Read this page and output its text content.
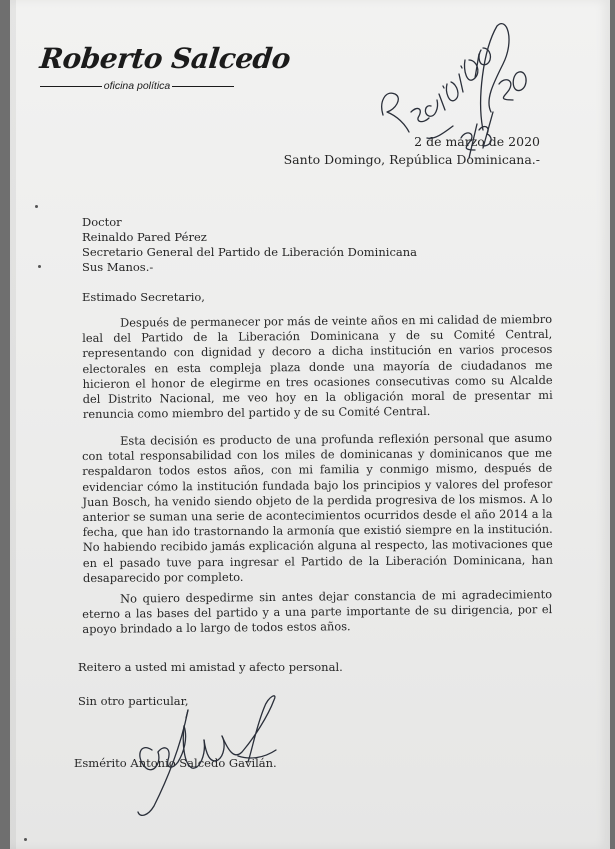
Roberto Salcedo
oficina política
2 de marzo de 2020
Santo Domingo, República Dominicana.-
Doctor
Reinaldo Pared Pérez
Secretario General del Partido de Liberación Dominicana
Sus Manos.-
Estimado Secretario,
Después de permanecer por más de veinte años en mi calidad de miembro leal del Partido de la Liberación Dominicana y de su Comité Central, representando con dignidad y decoro a dicha institución en varios procesos electorales en esta compleja plaza donde una mayoría de ciudadanos me hicieron el honor de elegirme en tres ocasiones consecutivas como su Alcalde del Distrito Nacional, me veo hoy en la obligación moral de presentar mi renuncia como miembro del partido y de su Comité Central.
Esta decisión es producto de una profunda reflexión personal que asumo con total responsabilidad con los miles de dominicanas y dominicanos que me respaldaron todos estos años, con mi familia y conmigo mismo, después de evidenciar cómo la institución fundada bajo los principios y valores del profesor Juan Bosch, ha venido siendo objeto de la perdida progresiva de los mismos. A lo anterior se suman una serie de acontecimientos ocurridos desde el año 2014 a la fecha, que han ido trastornando la armonía que existió siempre en la institución. No habiendo recibido jamás explicación alguna al respecto, las motivaciones que en el pasado tuve para ingresar el Partido de la Liberación Dominicana, han desaparecido por completo.
No quiero despedirme sin antes dejar constancia de mi agradecimiento eterno a las bases del partido y a una parte importante de su dirigencia, por el apoyo brindado a lo largo de todos estos años.
Reitero a usted mi amistad y afecto personal.
Sin otro particular,
Esmérito Antonio Salcedo Gavilán.
